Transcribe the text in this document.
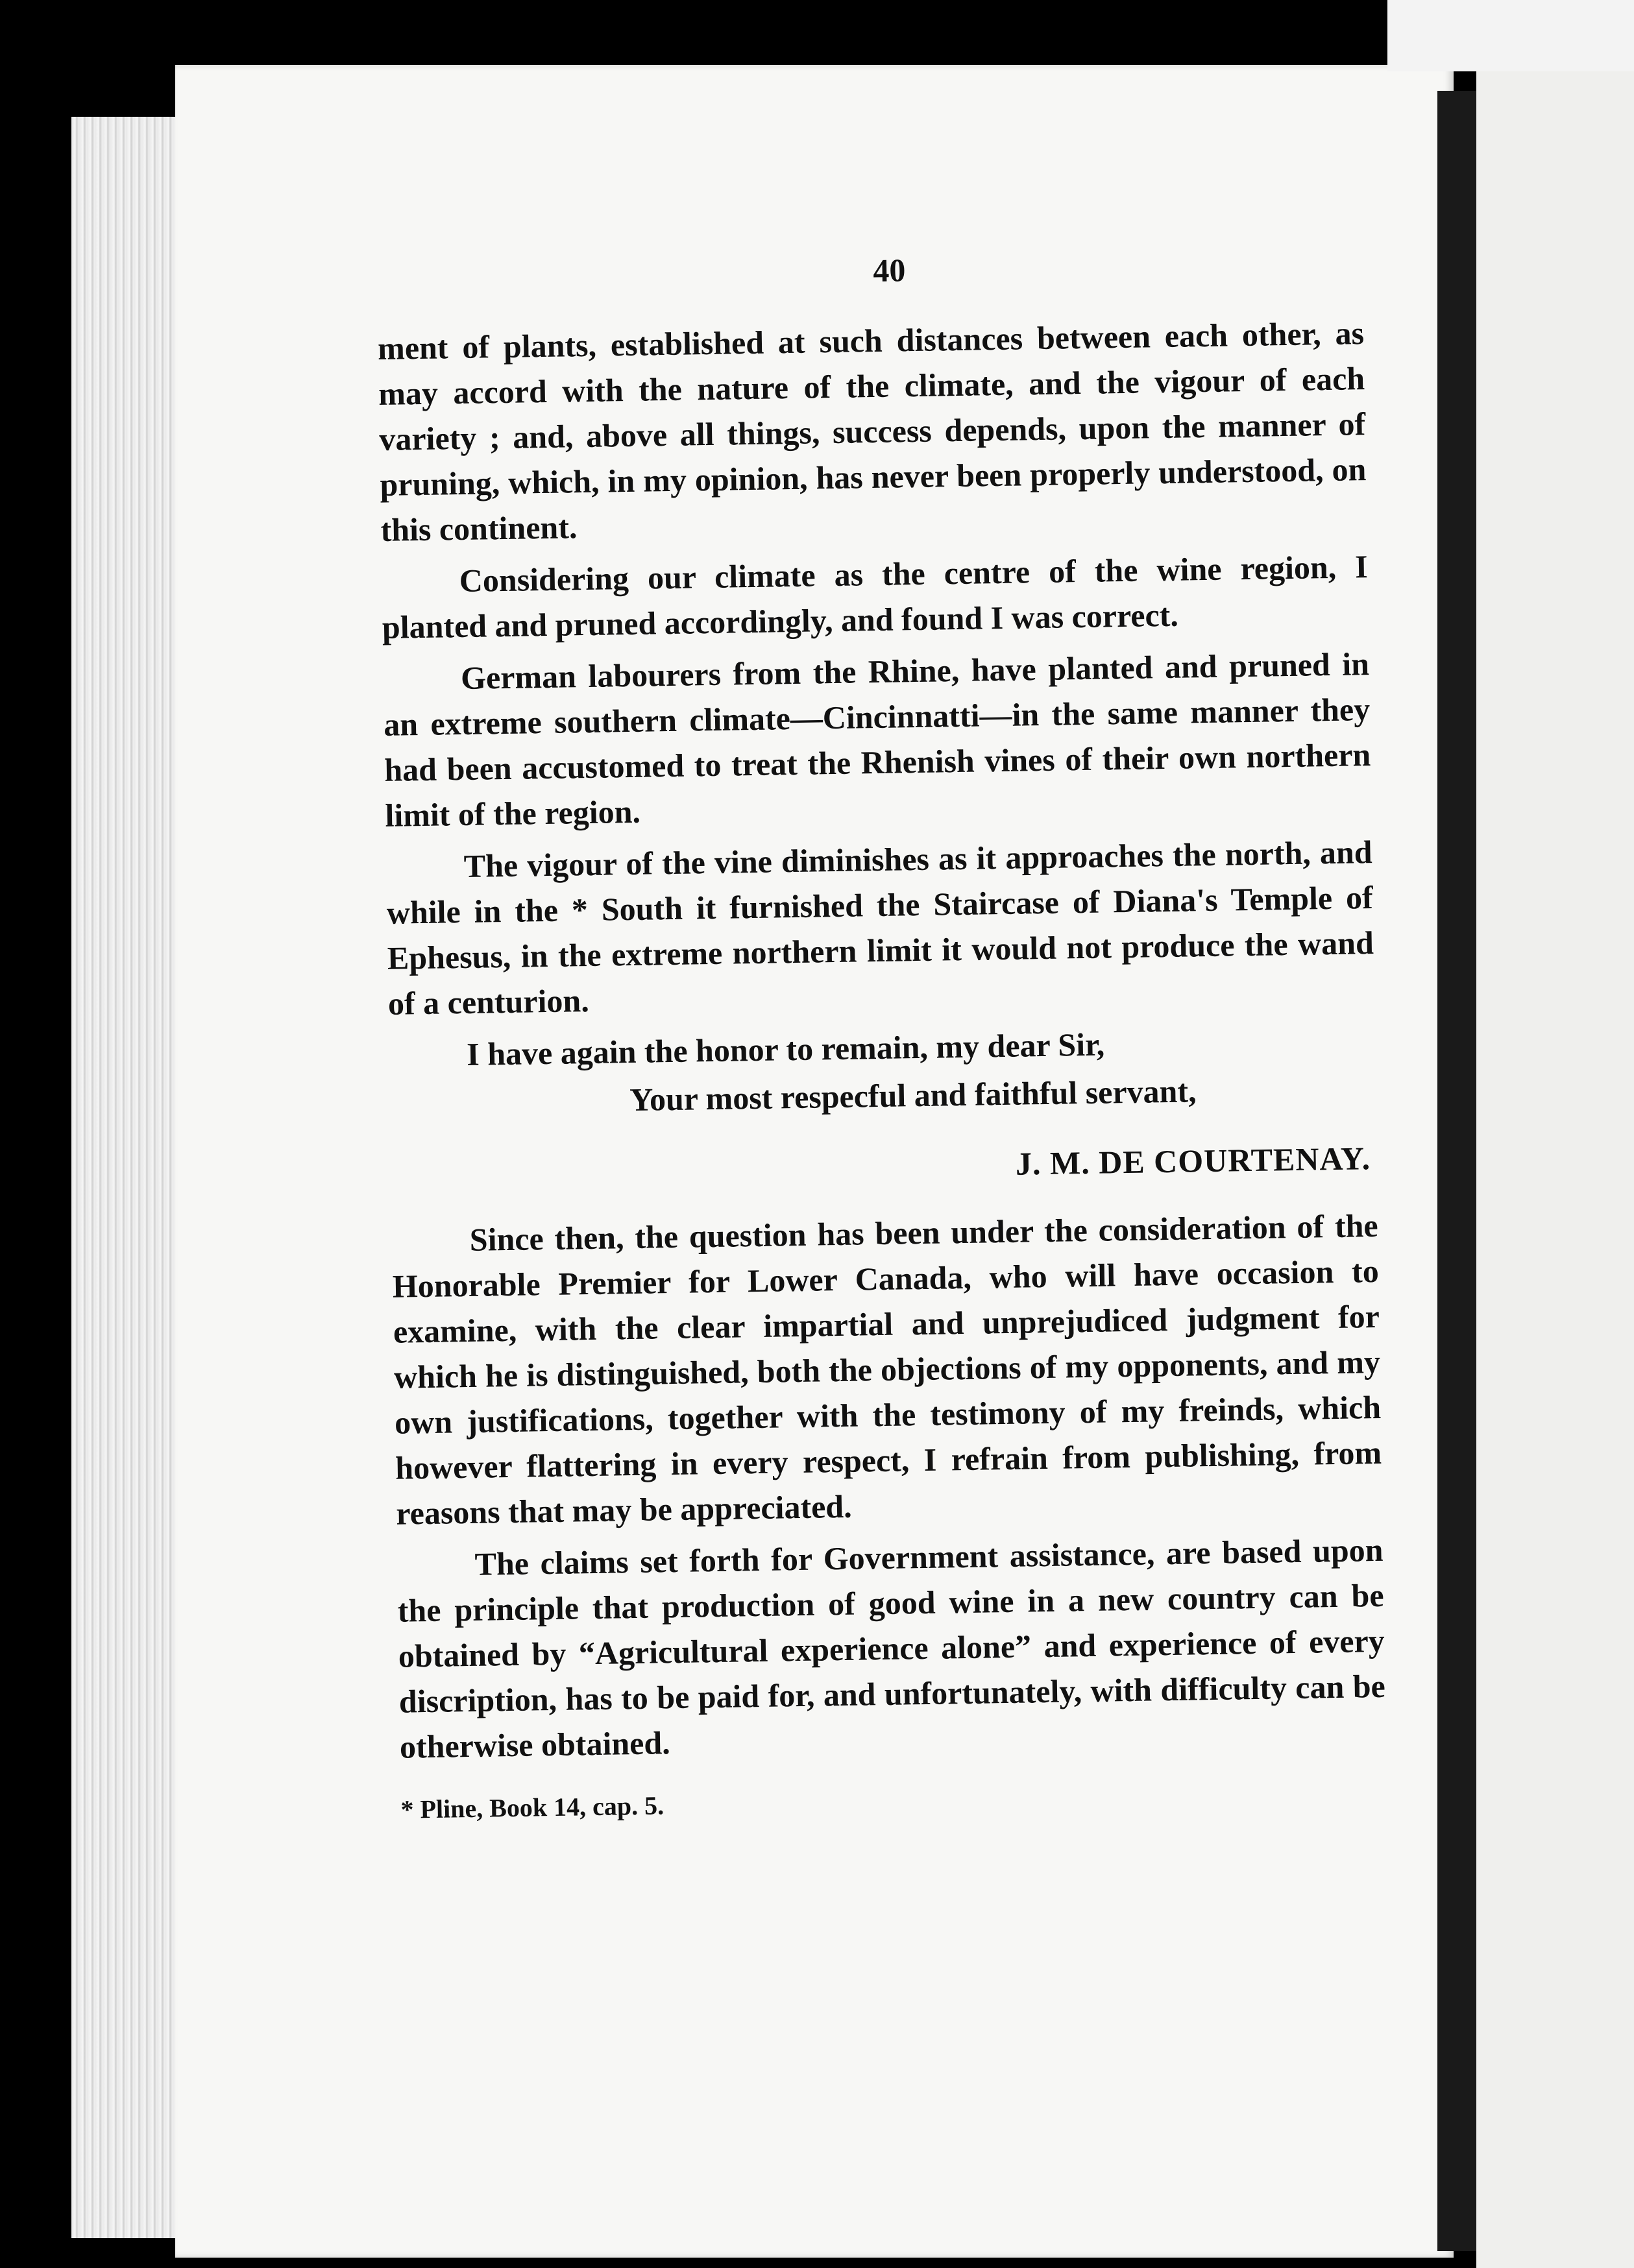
40

ment of plants, established at such distances between each other, as may accord with the nature of the climate, and the vigour of each variety ; and, above all things, success depends, upon the manner of pruning, which, in my opinion, has never been properly understood, on this continent.

Considering our climate as the centre of the wine region, I planted and pruned accordingly, and found I was correct.

German labourers from the Rhine, have planted and pruned in an extreme southern climate—Cincinnatti—in the same manner they had been accustomed to treat the Rhenish vines of their own northern limit of the region.

The vigour of the vine diminishes as it approaches the north, and while in the * South it furnished the Staircase of Diana's Temple of Ephesus, in the extreme northern limit it would not produce the wand of a centurion.

I have again the honor to remain, my dear Sir,
Your most respecful and faithful servant,
J. M. DE COURTENAY.

Since then, the question has been under the consideration of the Honorable Premier for Lower Canada, who will have occasion to examine, with the clear impartial and unprejudiced judgment for which he is distinguished, both the objections of my opponents, and my own justifications, together with the testimony of my freinds, which however flattering in every respect, I refrain from publishing, from reasons that may be appreciated.

The claims set forth for Government assistance, are based upon the principle that production of good wine in a new country can be obtained by “Agricultural experience alone” and experience of every discription, has to be paid for, and unfortunately, with difficulty can be otherwise obtained.

* Pline, Book 14, cap. 5.
